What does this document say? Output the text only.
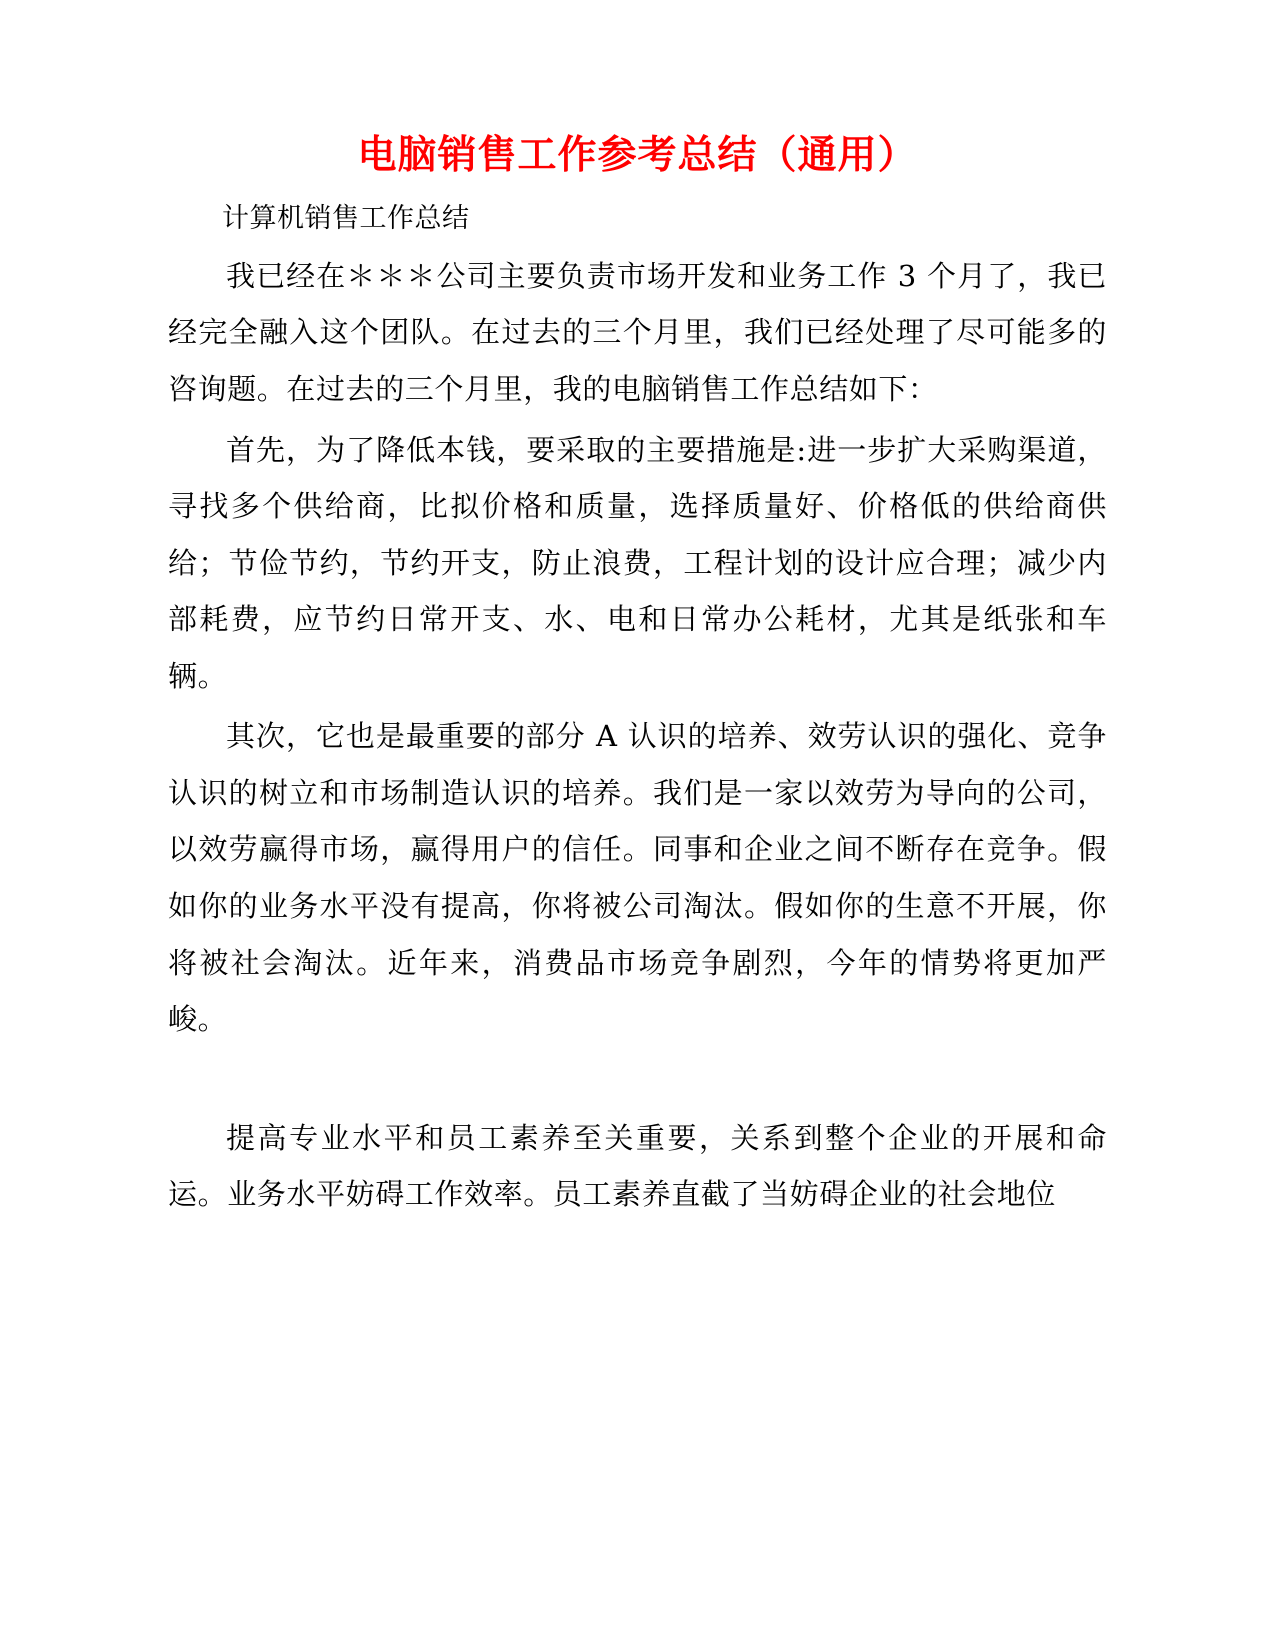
电脑销售工作参考总结（通用）

计算机销售工作总结

我已经在＊＊＊公司主要负责市场开发和业务工作 3 个月了，我已经完全融入这个团队。在过去的三个月里，我们已经处理了尽可能多的咨询题。在过去的三个月里，我的电脑销售工作总结如下：

首先，为了降低本钱，要采取的主要措施是:进一步扩大采购渠道，寻找多个供给商，比拟价格和质量，选择质量好、价格低的供给商供给；节俭节约，节约开支，防止浪费，工程计划的设计应合理；减少内部耗费，应节约日常开支、水、电和日常办公耗材，尤其是纸张和车辆。

其次，它也是最重要的部分 A 认识的培养、效劳认识的强化、竞争认识的树立和市场制造认识的培养。我们是一家以效劳为导向的公司，以效劳赢得市场，赢得用户的信任。同事和企业之间不断存在竞争。假如你的业务水平没有提高，你将被公司淘汰。假如你的生意不开展，你将被社会淘汰。近年来，消费品市场竞争剧烈，今年的情势将更加严峻。

提高专业水平和员工素养至关重要，关系到整个企业的开展和命运。业务水平妨碍工作效率。员工素养直截了当妨碍企业的社会地位
